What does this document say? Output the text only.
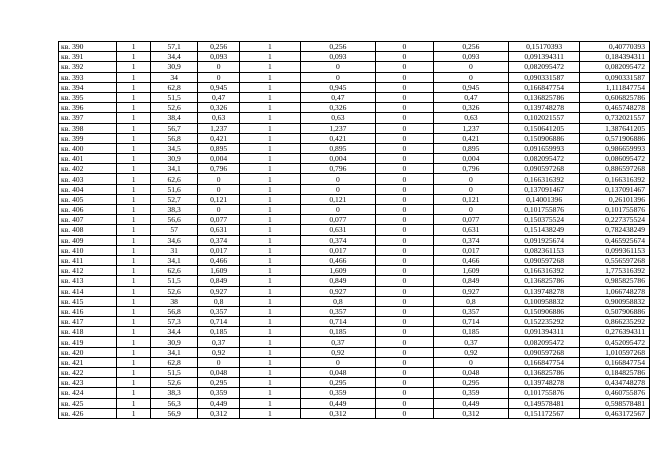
кв. 390	1	57,1	0,256	1	0,256	0	0,256	0,15170393	0,40770393
кв. 391	1	34,4	0,093	1	0,093	0	0,093	0,091394311	0,184394311
кв. 392	1	30,9	0	1	0	0	0	0,082095472	0,082095472
кв. 393	1	34	0	1	0	0	0	0,090331587	0,090331587
кв. 394	1	62,8	0,945	1	0,945	0	0,945	0,166847754	1,111847754
кв. 395	1	51,5	0,47	1	0,47	0	0,47	0,136825786	0,606825786
кв. 396	1	52,6	0,326	1	0,326	0	0,326	0,139748278	0,465748278
кв. 397	1	38,4	0,63	1	0,63	0	0,63	0,102021557	0,732021557
кв. 398	1	56,7	1,237	1	1,237	0	1,237	0,150641205	1,387641205
кв. 399	1	56,8	0,421	1	0,421	0	0,421	0,150906886	0,571906886
кв. 400	1	34,5	0,895	1	0,895	0	0,895	0,091659993	0,986659993
кв. 401	1	30,9	0,004	1	0,004	0	0,004	0,082095472	0,086095472
кв. 402	1	34,1	0,796	1	0,796	0	0,796	0,090597268	0,886597268
кв. 403	1	62,6	0	1	0	0	0	0,166316392	0,166316392
кв. 404	1	51,6	0	1	0	0	0	0,137091467	0,137091467
кв. 405	1	52,7	0,121	1	0,121	0	0,121	0,14001396	0,26101396
кв. 406	1	38,3	0	1	0	0	0	0,101755876	0,101755876
кв. 407	1	56,6	0,077	1	0,077	0	0,077	0,150375524	0,227375524
кв. 408	1	57	0,631	1	0,631	0	0,631	0,151438249	0,782438249
кв. 409	1	34,6	0,374	1	0,374	0	0,374	0,091925674	0,465925674
кв. 410	1	31	0,017	1	0,017	0	0,017	0,082361153	0,099361153
кв. 411	1	34,1	0,466	1	0,466	0	0,466	0,090597268	0,556597268
кв. 412	1	62,6	1,609	1	1,609	0	1,609	0,166316392	1,775316392
кв. 413	1	51,5	0,849	1	0,849	0	0,849	0,136825786	0,985825786
кв. 414	1	52,6	0,927	1	0,927	0	0,927	0,139748278	1,066748278
кв. 415	1	38	0,8	1	0,8	0	0,8	0,100958832	0,900958832
кв. 416	1	56,8	0,357	1	0,357	0	0,357	0,150906886	0,507906886
кв. 417	1	57,3	0,714	1	0,714	0	0,714	0,152235292	0,866235292
кв. 418	1	34,4	0,185	1	0,185	0	0,185	0,091394311	0,276394311
кв. 419	1	30,9	0,37	1	0,37	0	0,37	0,082095472	0,452095472
кв. 420	1	34,1	0,92	1	0,92	0	0,92	0,090597268	1,010597268
кв. 421	1	62,8	0	1	0	0	0	0,166847754	0,166847754
кв. 422	1	51,5	0,048	1	0,048	0	0,048	0,136825786	0,184825786
кв. 423	1	52,6	0,295	1	0,295	0	0,295	0,139748278	0,434748278
кв. 424	1	38,3	0,359	1	0,359	0	0,359	0,101755876	0,460755876
кв. 425	1	56,3	0,449	1	0,449	0	0,449	0,149578481	0,598578481
кв. 426	1	56,9	0,312	1	0,312	0	0,312	0,151172567	0,463172567
